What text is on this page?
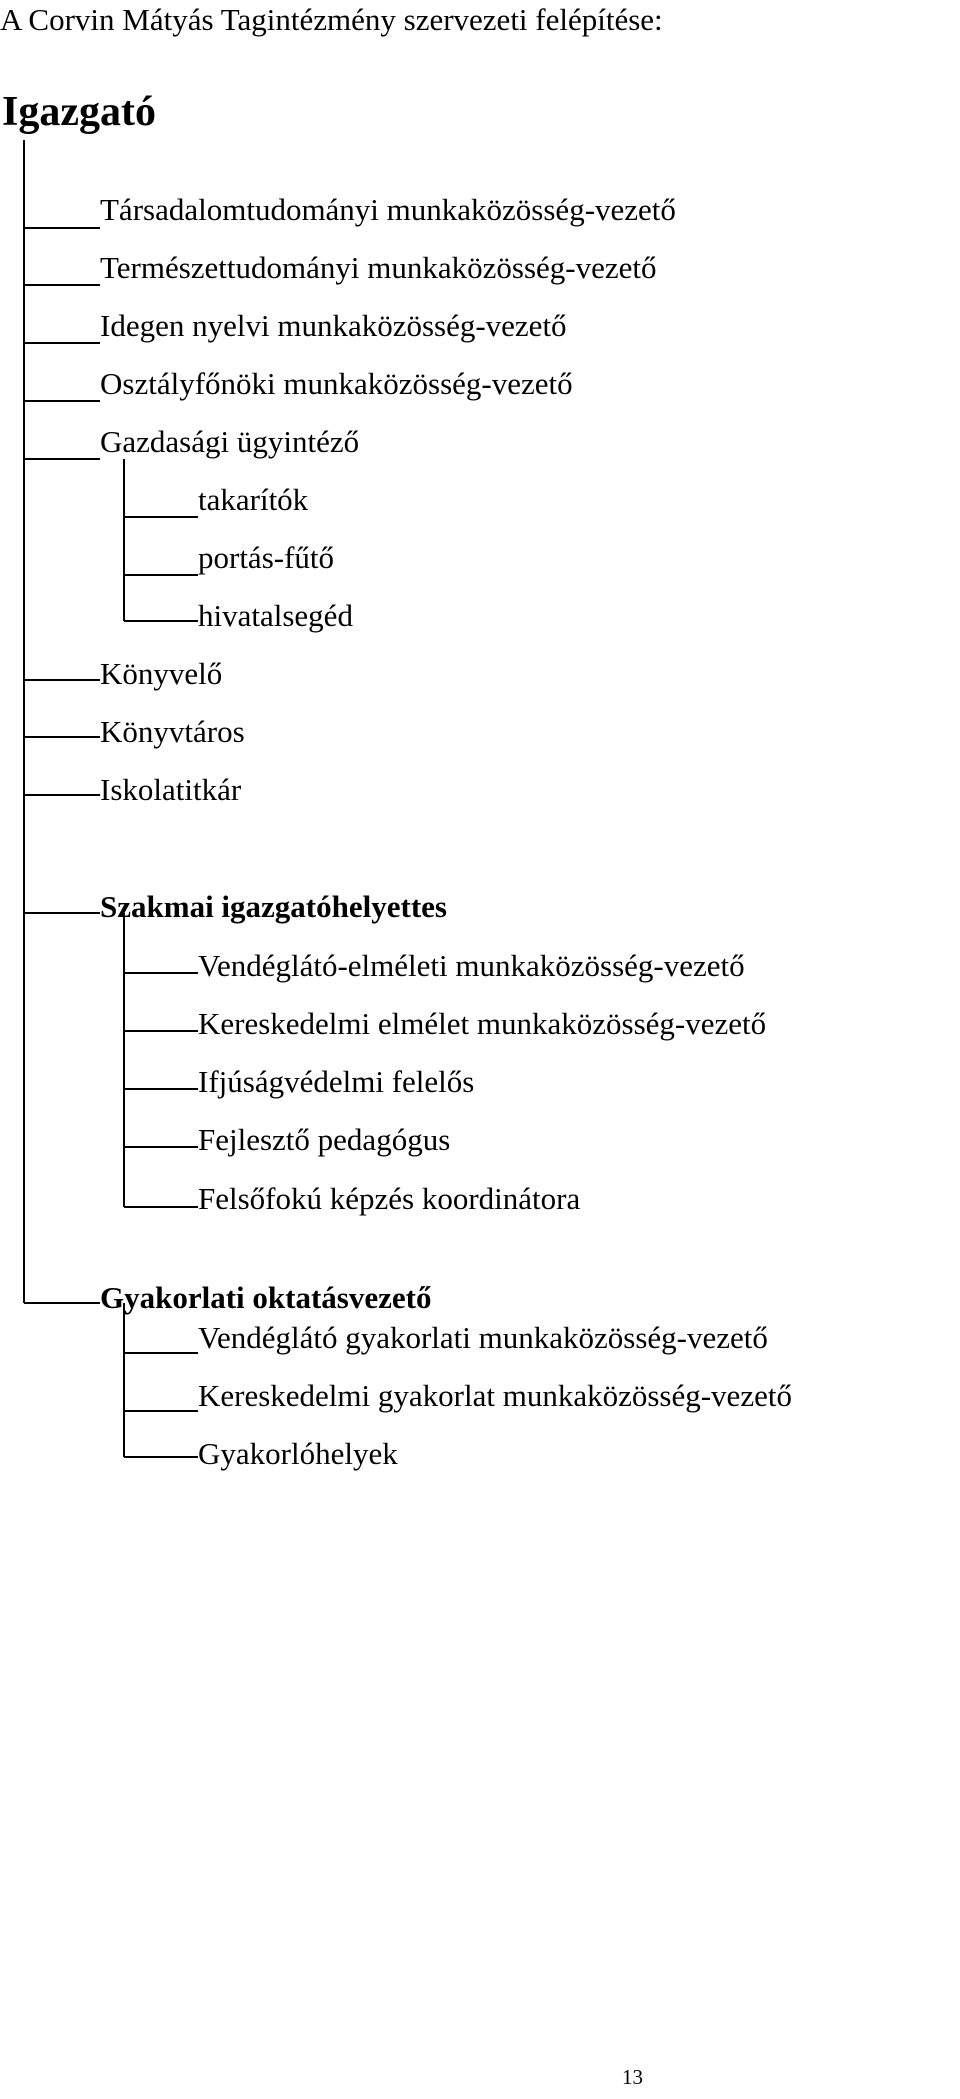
A Corvin Mátyás Tagintézmény szervezeti felépítése:
Igazgató
Társadalomtudományi munkaközösség-vezető
Természettudományi munkaközösség-vezető
Idegen nyelvi munkaközösség-vezető
Osztályfőnöki munkaközösség-vezető
Gazdasági ügyintéző
takarítók
portás-fűtő
hivatalsegéd
Könyvelő
Könyvtáros
Iskolatitkár
Szakmai igazgatóhelyettes
Vendéglátó-elméleti munkaközösség-vezető
Kereskedelmi elmélet munkaközösség-vezető
Ifjúságvédelmi felelős
Fejlesztő pedagógus
Felsőfokú képzés koordinátora
Gyakorlati oktatásvezető
Vendéglátó gyakorlati munkaközösség-vezető
Kereskedelmi gyakorlat munkaközösség-vezető
Gyakorlóhelyek
13
